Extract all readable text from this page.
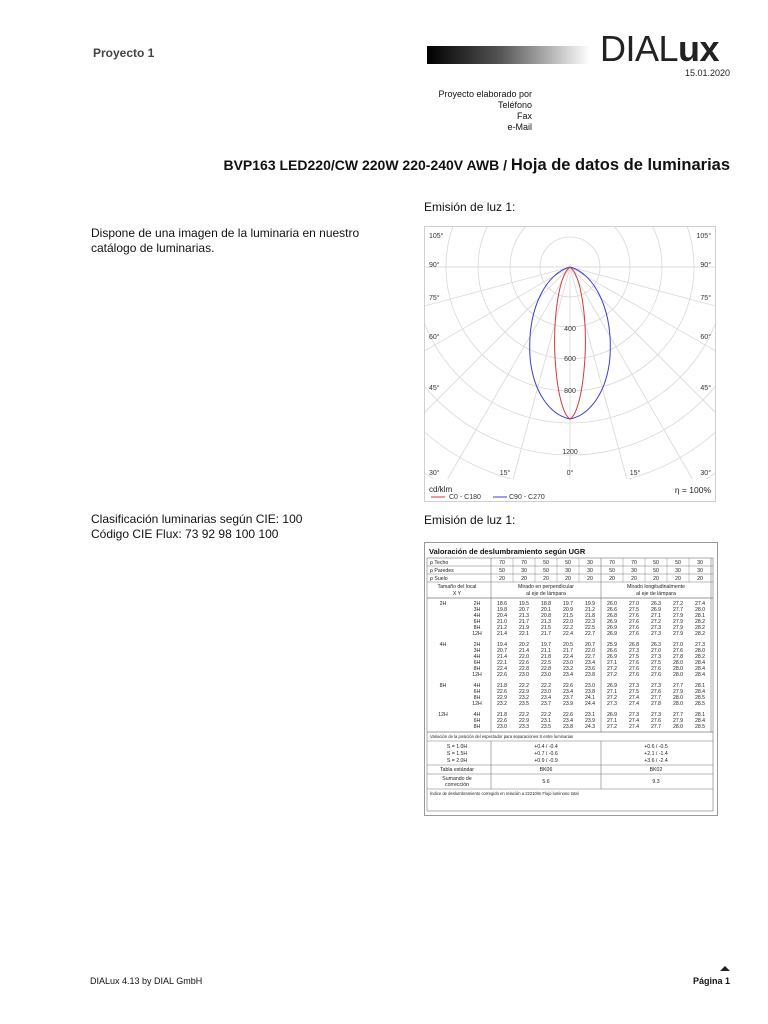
Proyecto 1	DIALux
15.01.2020
Proyecto elaborado por
Teléfono
Fax
e-Mail
BVP163 LED220/CW 220W 220-240V AWB / Hoja de datos de luminarias
Emisión de luz 1:
Dispone de una imagen de la luminaria en nuestro catálogo de luminarias.
105°	105°
90°	90°
75°	75°
60°	60°
45°	45°
30°	30°
15°	0°	15°
400
600
800
1200
cd/klm
C0 - C180	C90 - C270
η = 100%
Clasificación luminarias según CIE: 100
Código CIE Flux: 73 92 98 100 100
Emisión de luz 1:
Valoración de deslumbramiento según UGR
ρ Techo	70	70	50	50	30	70	70	50	50	30
ρ Paredes	50	30	50	30	30	50	30	50	30	30
ρ Suelo	20	20	20	20	20	20	20	20	20	20
Tamaño del local
X Y
Mirado en perpendicular
al eje de lámpara
Mirado longitudinalmente
al eje de lámpara
2H	2H	18.6 19.5 18.8 19.7 19.9 26.0 27.0 26.3 27.2 27.4
3H	19.8 20.7 20.1 20.9 21.2 26.6 27.5 26.9 27.7 28.0
4H	20.4 21.3 20.8 21.5 21.8 26.8 27.6 27.1 27.9 28.1
6H	21.0 21.7 21.3 22.0 22.3 26.9 27.6 27.2 27.9 28.2
8H	21.2 21.9 21.5 22.2 22.5 26.9 27.6 27.3 27.9 28.2
12H	21.4 22.1 21.7 22.4 22.7 26.9 27.6 27.3 27.9 28.2
4H	2H	19.4 20.2 19.7 20.5 20.7 25.9 26.8 26.3 27.0 27.3
3H	20.7 21.4 21.1 21.7 22.0 26.6 27.3 27.0 27.6 28.0
4H	21.4 22.0 21.8 22.4 22.7 26.9 27.5 27.3 27.8 28.2
6H	22.1 22.6 22.5 23.0 23.4 27.1 27.6 27.5 28.0 28.4
8H	22.4 22.8 22.8 23.2 23.6 27.2 27.6 27.6 28.0 28.4
12H	22.6 23.0 23.0 23.4 23.8 27.2 27.6 27.6 28.0 28.4
8H	4H	21.8 22.2 22.2 22.6 23.0 26.9 27.3 27.3 27.7 28.1
6H	22.6 22.9 23.0 23.4 23.8 27.1 27.5 27.6 27.9 28.4
8H	22.9 23.2 23.4 23.7 24.1 27.2 27.4 27.7 28.0 28.5
12H	23.2 23.5 23.7 23.9 24.4 27.3 27.4 27.8 28.0 28.5
12H	4H	21.8 22.2 22.2 22.6 23.1 26.9 27.3 27.3 27.7 28.1
6H	22.6 22.9 23.1 23.4 23.9 27.1 27.4 27.6 27.9 28.4
8H	23.0 23.3 23.5 23.8 24.3 27.2 27.4 27.7 28.0 28.5
Variación de la posición del espectador para separaciones S entre luminarias
S = 1.0H	+0.4 / -0.4	+0.6 / -0.5
S = 1.5H	+0.7 / -0.6	+2.1 / -1.4
S = 2.0H	+0.9 / -0.9	+3.6 / -2.4
Tabla estándar	BK06	BK02
Sumando de
corrección	5.6	9.3
Índice de deslumbramiento corregido en relación a 22210lm Flujo luminoso total
DIALux 4.13 by DIAL GmbH	Página 1
